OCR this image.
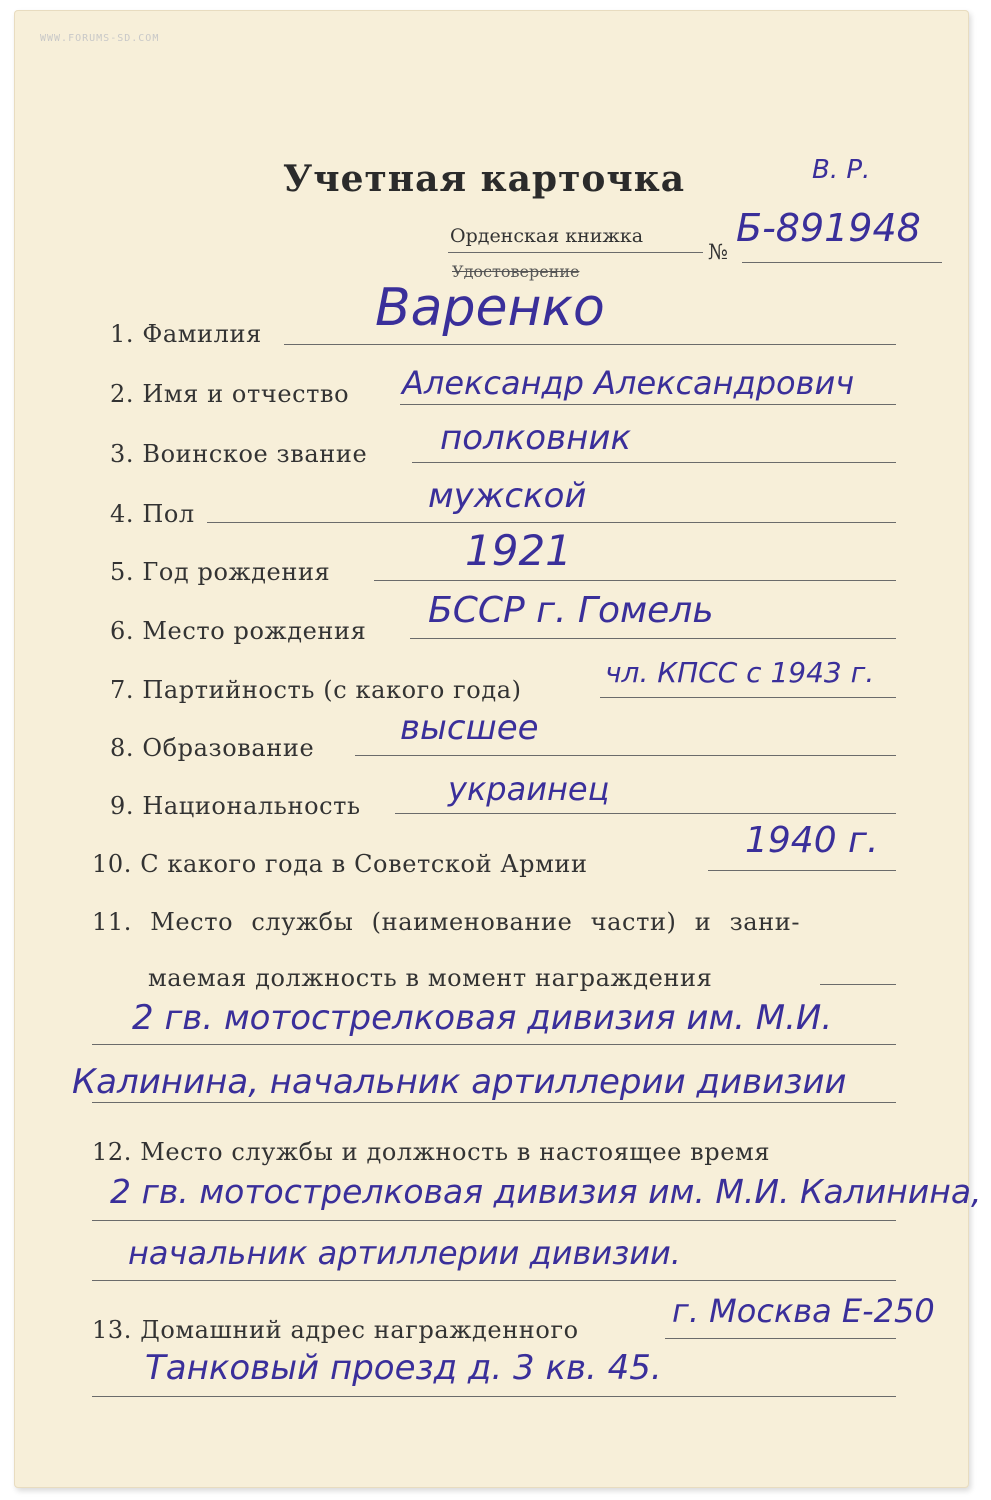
WWW.FORUMS-SD.COM
Учетная карточка	В. Р.
Орденская книжка
Удостоверение
№
Б-891948
1. Фамилия Варенко
2. Имя и отчество Александр Александрович
3. Воинское звание полковник
4. Пол	мужской
5. Год рождения	1921
6. Место рождения БССР г. Гомель
7. Партийность (с какого года)
чл. КПСС с 1943 г.
8. Образование	высшее
9. Национальность	украинец
10. С какого года в Советской Армии
1940 г.
11. Место службы (наименование части) и зани-
маемая должность в момент награждения
2 гв. мотострелковая дивизия им. М.И.
Калинина, начальник артиллерии дивизии
12. Место службы и должность в настоящее время
2 гв. мотострелковая дивизия им. М.И. Калинина,
начальник артиллерии дивизии.
13. Домашний адрес награжденного	г. Москва Е-250
Танковый проезд д. 3 кв. 45.
